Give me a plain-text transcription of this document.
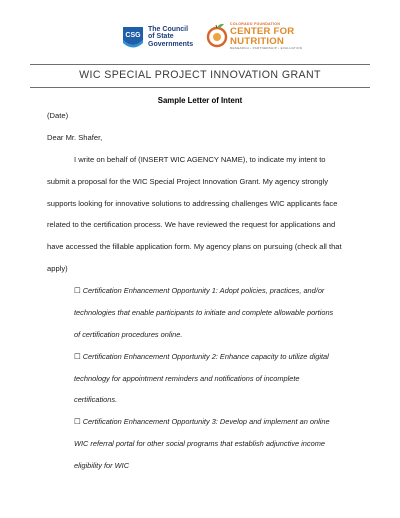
CSG
The Council
of State
Governments
COLORADO FOUNDATION
CENTER FOR
NUTRITION
RESEARCH • PARTNERSHIP • EVALUATION
WIC SPECIAL PROJECT INNOVATION GRANT
Sample Letter of Intent
(Date)
Dear Mr. Shafer,
I write on behalf of (INSERT WIC AGENCY NAME), to indicate my intent to
submit a proposal for the WIC Special Project Innovation Grant. My agency strongly
supports looking for innovative solutions to addressing challenges WIC applicants face
related to the certification process. We have reviewed the request for applications and
have accessed the fillable application form. My agency plans on pursuing (check all that
apply)
☐ Certification Enhancement Opportunity 1: Adopt policies, practices, and/or
technologies that enable participants to initiate and complete allowable portions
of certification procedures online.
☐ Certification Enhancement Opportunity 2: Enhance capacity to utilize digital
technology for appointment reminders and notifications of incomplete
certifications.
☐ Certification Enhancement Opportunity 3: Develop and implement an online
WIC referral portal for other social programs that establish adjunctive income
eligibility for WIC
